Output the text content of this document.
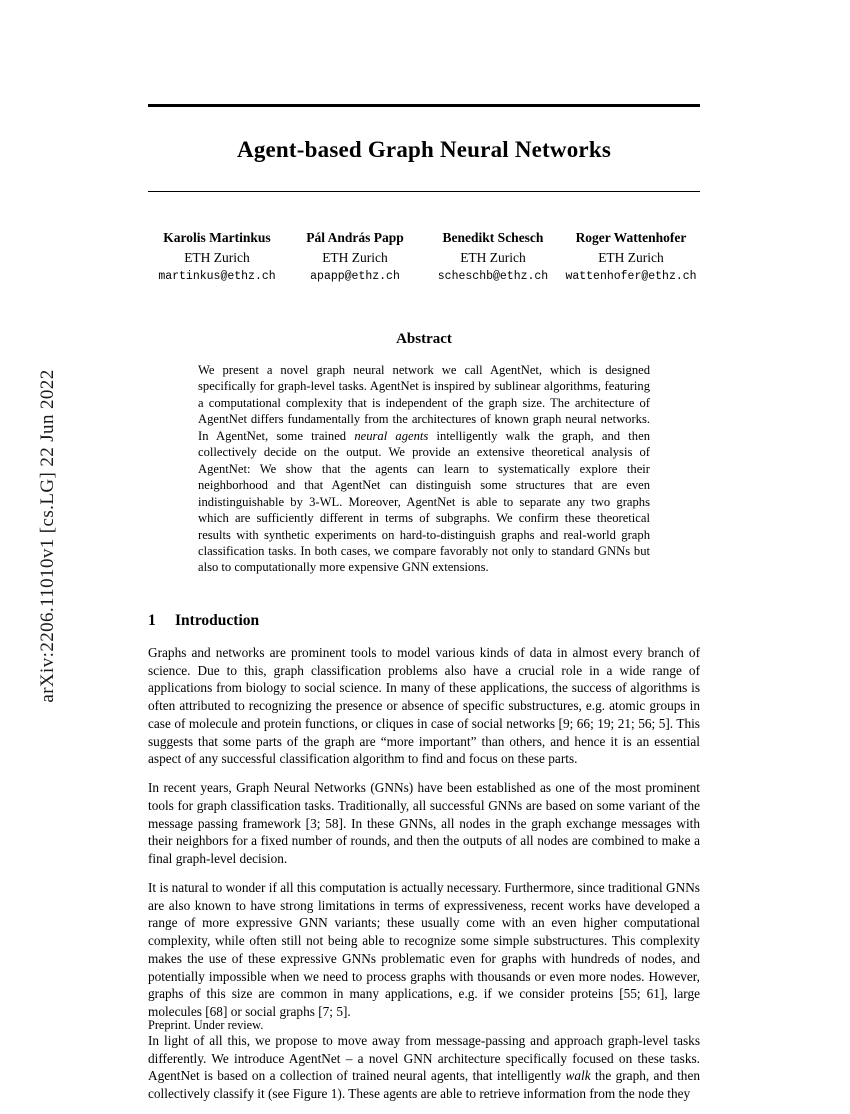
arXiv:2206.11010v1 [cs.LG] 22 Jun 2022
Agent-based Graph Neural Networks
Karolis Martinkus
ETH Zurich
martinkus@ethz.ch
Pál András Papp
ETH Zurich
apapp@ethz.ch
Benedikt Schesch
ETH Zurich
scheschb@ethz.ch
Roger Wattenhofer
ETH Zurich
wattenhofer@ethz.ch
Abstract
We present a novel graph neural network we call AgentNet, which is designed specifically for graph-level tasks. AgentNet is inspired by sublinear algorithms, featuring a computational complexity that is independent of the graph size. The architecture of AgentNet differs fundamentally from the architectures of known graph neural networks. In AgentNet, some trained neural agents intelligently walk the graph, and then collectively decide on the output. We provide an extensive theoretical analysis of AgentNet: We show that the agents can learn to systematically explore their neighborhood and that AgentNet can distinguish some structures that are even indistinguishable by 3-WL. Moreover, AgentNet is able to separate any two graphs which are sufficiently different in terms of subgraphs. We confirm these theoretical results with synthetic experiments on hard-to-distinguish graphs and real-world graph classification tasks. In both cases, we compare favorably not only to standard GNNs but also to computationally more expensive GNN extensions.
1 Introduction

Graphs and networks are prominent tools to model various kinds of data in almost every branch of science. Due to this, graph classification problems also have a crucial role in a wide range of applications from biology to social science. In many of these applications, the success of algorithms is often attributed to recognizing the presence or absence of specific substructures, e.g. atomic groups in case of molecule and protein functions, or cliques in case of social networks [9; 66; 19; 21; 56; 5]. This suggests that some parts of the graph are “more important” than others, and hence it is an essential aspect of any successful classification algorithm to find and focus on these parts.

In recent years, Graph Neural Networks (GNNs) have been established as one of the most prominent tools for graph classification tasks. Traditionally, all successful GNNs are based on some variant of the message passing framework [3; 58]. In these GNNs, all nodes in the graph exchange messages with their neighbors for a fixed number of rounds, and then the outputs of all nodes are combined to make a final graph-level decision.

It is natural to wonder if all this computation is actually necessary. Furthermore, since traditional GNNs are also known to have strong limitations in terms of expressiveness, recent works have developed a range of more expressive GNN variants; these usually come with an even higher computational complexity, while often still not being able to recognize some simple substructures. This complexity makes the use of these expressive GNNs problematic even for graphs with hundreds of nodes, and potentially impossible when we need to process graphs with thousands or even more nodes. However, graphs of this size are common in many applications, e.g. if we consider proteins [55; 61], large molecules [68] or social graphs [7; 5].

In light of all this, we propose to move away from message-passing and approach graph-level tasks differently. We introduce AgentNet – a novel GNN architecture specifically focused on these tasks. AgentNet is based on a collection of trained neural agents, that intelligently walk the graph, and then collectively classify it (see Figure 1). These agents are able to retrieve information from the node they

Preprint. Under review.
